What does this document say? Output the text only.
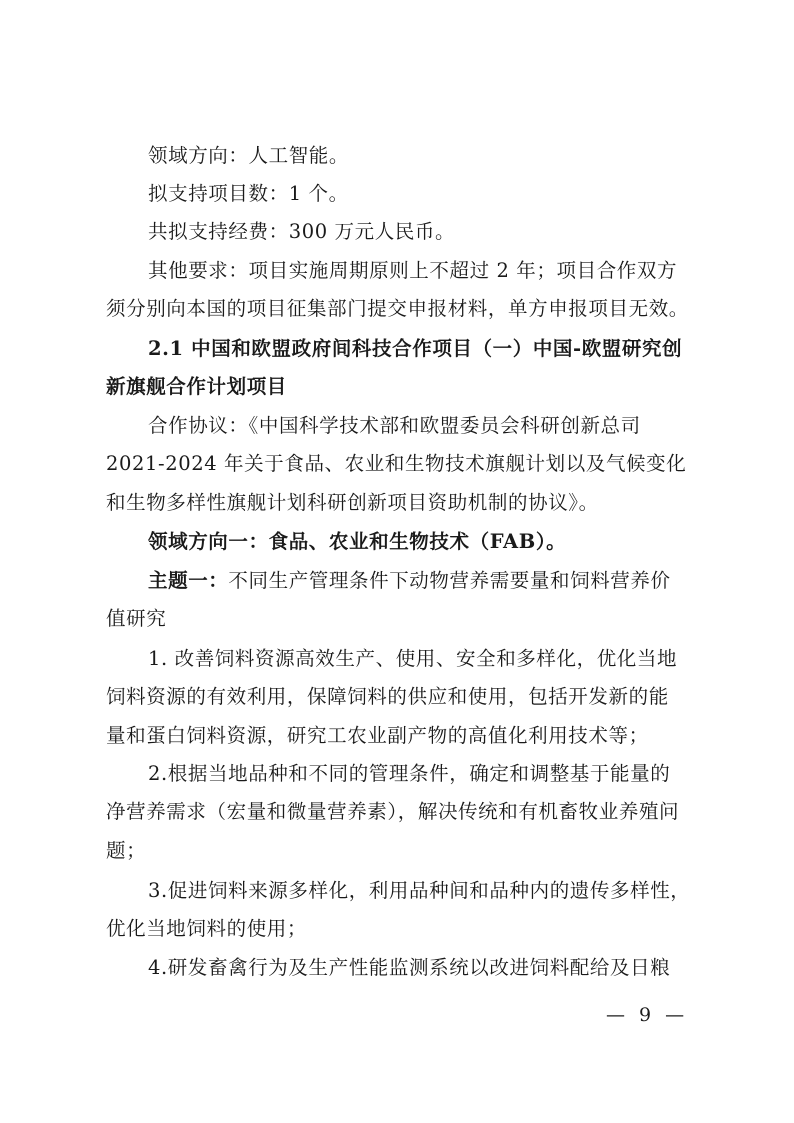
领域方向：人工智能。
拟支持项目数：1 个。
共拟支持经费：300 万元人民币。
其他要求：项目实施周期原则上不超过 2 年；项目合作双方
须分别向本国的项目征集部门提交申报材料，单方申报项目无效。
2.1 中国和欧盟政府间科技合作项目（一）中国-欧盟研究创
新旗舰合作计划项目
合作协议：《中国科学技术部和欧盟委员会科研创新总司
2021-2024 年关于食品、农业和生物技术旗舰计划以及气候变化
和生物多样性旗舰计划科研创新项目资助机制的协议》。
领域方向一：食品、农业和生物技术（FAB）。
主题一：不同生产管理条件下动物营养需要量和饲料营养价
值研究
1. 改善饲料资源高效生产、使用、安全和多样化，优化当地
饲料资源的有效利用，保障饲料的供应和使用，包括开发新的能
量和蛋白饲料资源，研究工农业副产物的高值化利用技术等；
2.根据当地品种和不同的管理条件，确定和调整基于能量的
净营养需求（宏量和微量营养素），解决传统和有机畜牧业养殖问
题；
3.促进饲料来源多样化，利用品种间和品种内的遗传多样性，
优化当地饲料的使用；
4.研发畜禽行为及生产性能监测系统以改进饲料配给及日粮
— 9 —
